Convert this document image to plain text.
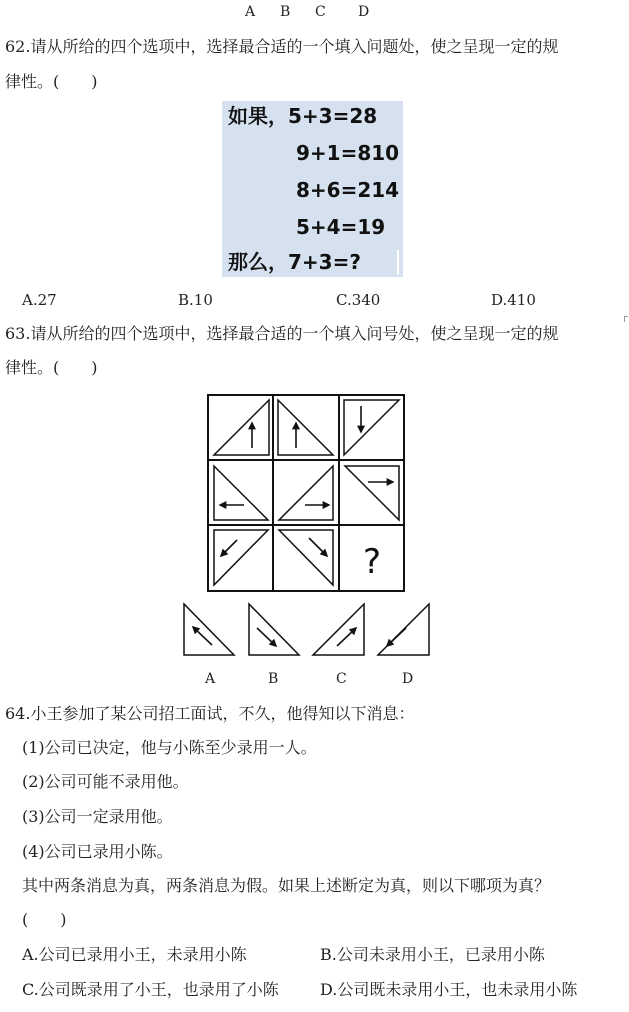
A B C D
62.请从所给的四个选项中，选择最合适的一个填入问题处，使之呈现一定的规
律性。(　　)
如果，5+3=28
9+1=810
8+6=214
5+4=19
那么，7+3=?
A.27	B.10	C.340	D.410
63.请从所给的四个选项中，选择最合适的一个填入问号处，使之呈现一定的规
律性。(　　)
?
A	B	C	D
64.小王参加了某公司招工面试，不久，他得知以下消息：
(1)公司已决定，他与小陈至少录用一人。
(2)公司可能不录用他。
(3)公司一定录用他。
(4)公司已录用小陈。
其中两条消息为真，两条消息为假。如果上述断定为真，则以下哪项为真？
(　　)
A.公司已录用小王，未录用小陈	B.公司未录用小王，已录用小陈
C.公司既录用了小王，也录用了小陈	D.公司既未录用小王，也未录用小陈
